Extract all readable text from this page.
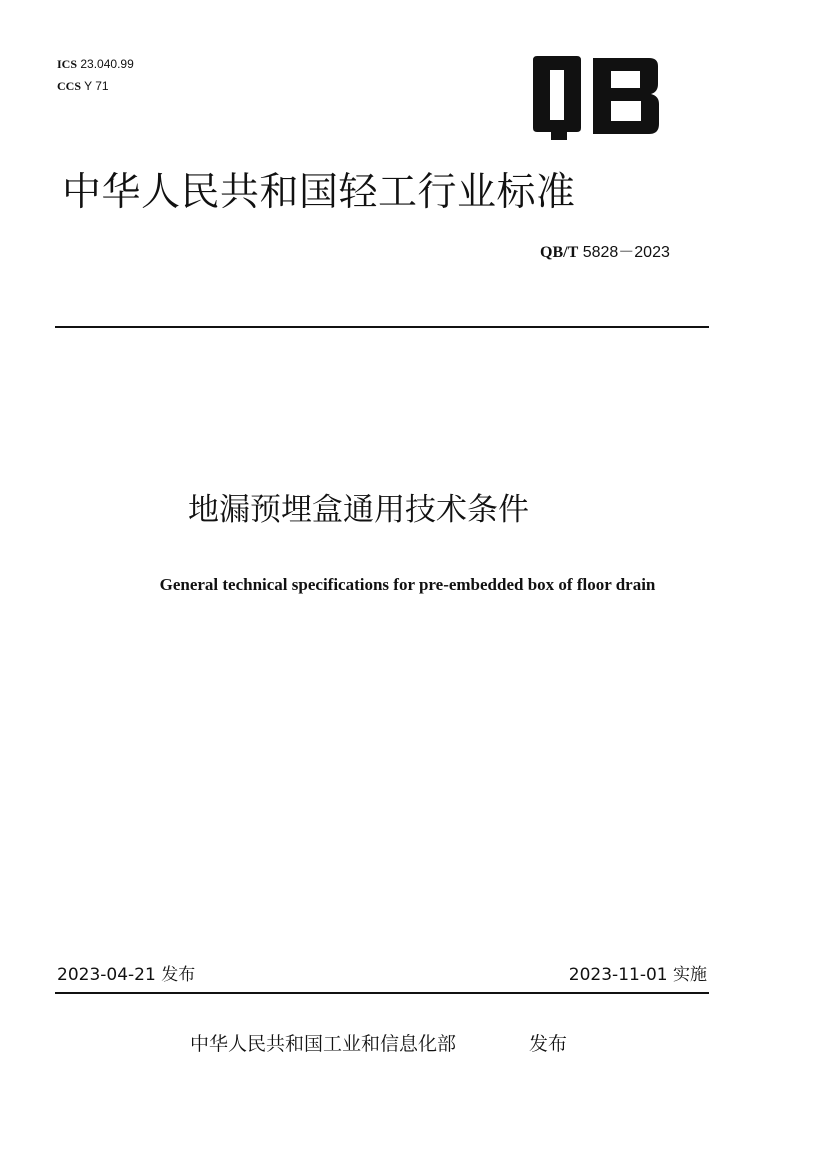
ICS 23.040.99
CCS Y 71
中华人民共和国轻工行业标准
QB/T 5828－2023
地漏预埋盒通用技术条件
General technical specifications for pre-embedded box of floor drain
2023-04-21 发布	2023-11-01 实施
中华人民共和国工业和信息化部	发布
